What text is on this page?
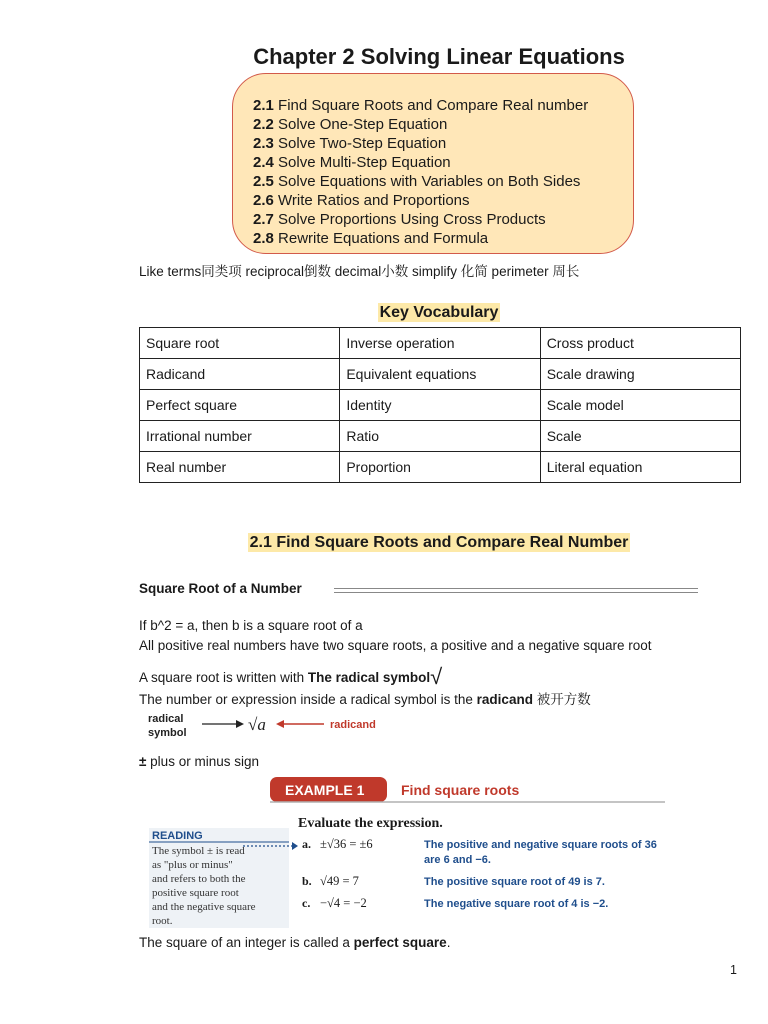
Chapter 2 Solving Linear Equations
2.1 Find Square Roots and Compare Real number
2.2 Solve One-Step Equation
2.3 Solve Two-Step Equation
2.4 Solve Multi-Step Equation
2.5 Solve Equations with Variables on Both Sides
2.6 Write Ratios and Proportions
2.7 Solve Proportions Using Cross Products
2.8 Rewrite Equations and Formula
Like terms同类项 reciprocal倒数 decimal小数 simplify 化简 perimeter 周长
Key Vocabulary
Square root	Inverse operation	Cross product
Radicand	Equivalent equations	Scale drawing
Perfect square	Identity	Scale model
Irrational number	Ratio	Scale
Real number	Proportion	Literal equation
2.1 Find Square Roots and Compare Real Number
Square Root of a Number
If b^2 = a, then b is a square root of a
All positive real numbers have two square roots, a positive and a negative square root
A square root is written with The radical symbol√
The number or expression inside a radical symbol is the radicand 被开方数
radical
symbol	√a	radicand
± plus or minus sign
EXAMPLE 1	Find square roots
Evaluate the expression.
READING
The symbol ± is read
as "plus or minus"
and refers to both the
positive square root
and the negative square
root.
a. ±√36 = ±6	The positive and negative square roots of 36
are 6 and −6.
b. √49 = 7	The positive square root of 49 is 7.
c. −√4 = −2	The negative square root of 4 is −2.
The square of an integer is called a perfect square.
1
